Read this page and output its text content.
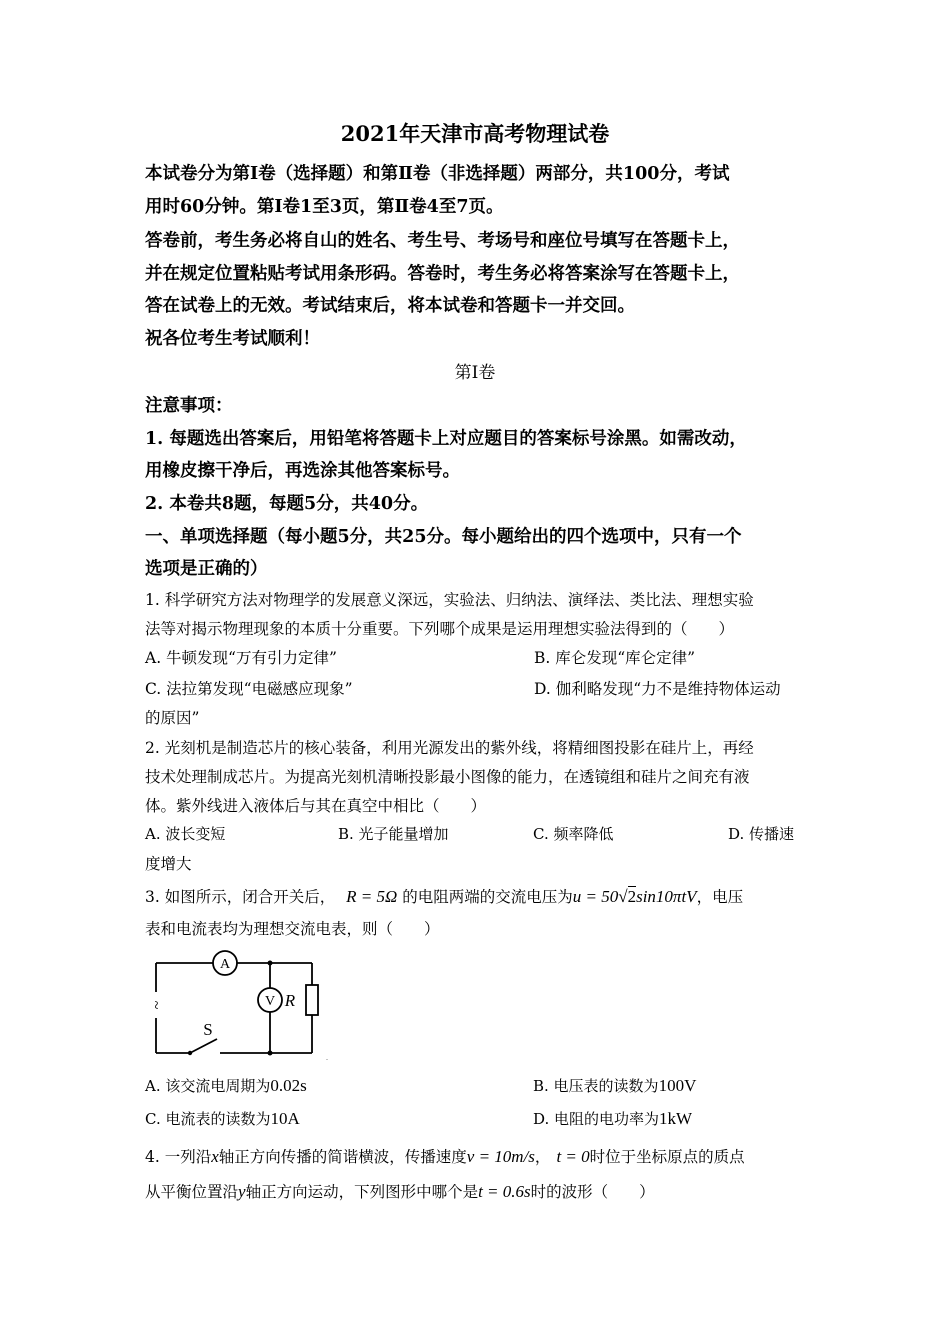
2021年天津市高考物理试卷
本试卷分为第Ⅰ卷（选择题）和第Ⅱ卷（非选择题）两部分，共100分，考试
用时60分钟。第Ⅰ卷1至3页，第Ⅱ卷4至7页。
答卷前，考生务必将自山的姓名、考生号、考场号和座位号填写在答题卡上，
并在规定位置粘贴考试用条形码。答卷时，考生务必将答案涂写在答题卡上，
答在试卷上的无效。考试结束后，将本试卷和答题卡一并交回。
祝各位考生考试顺利！
第Ⅰ卷
注意事项：
1. 每题选出答案后，用铅笔将答题卡上对应题目的答案标号涂黑。如需改动，
用橡皮擦干净后，再选涂其他答案标号。
2. 本卷共8题，每题5分，共40分。
一、单项选择题（每小题5分，共25分。每小题给出的四个选项中，只有一个
选项是正确的）
1. 科学研究方法对物理学的发展意义深远，实验法、归纳法、演绎法、类比法、理想实验
法等对揭示物理现象的本质十分重要。下列哪个成果是运用理想实验法得到的（　　）
A. 牛顿发现“万有引力定律”	B. 库仑发现“库仑定律”
C. 法拉第发现“电磁感应现象”	D. 伽利略发现“力不是维持物体运动
的原因”
2. 光刻机是制造芯片的核心装备，利用光源发出的紫外线，将精细图投影在硅片上，再经
技术处理制成芯片。为提高光刻机清晰投影最小图像的能力，在透镜组和硅片之间充有液
体。紫外线进入液体后与其在真空中相比（　　）
A. 波长变短	B. 光子能量增加	C. 频率降低	D. 传播速
度增大
3. 如图所示，闭合开关后， R = 5Ω 的电阻两端的交流电压为u = 50√2sin10πtV，电压
表和电流表均为理想交流电表，则（　　）
A
V R
S
~
.
A. 该交流电周期为0.02s	B. 电压表的读数为100V
C. 电流表的读数为10A	D. 电阻的电功率为1kW
4. 一列沿x轴正方向传播的简谐横波，传播速度v = 10m/s， t = 0时位于坐标原点的质点
从平衡位置沿y轴正方向运动，下列图形中哪个是t = 0.6s时的波形（　　）
